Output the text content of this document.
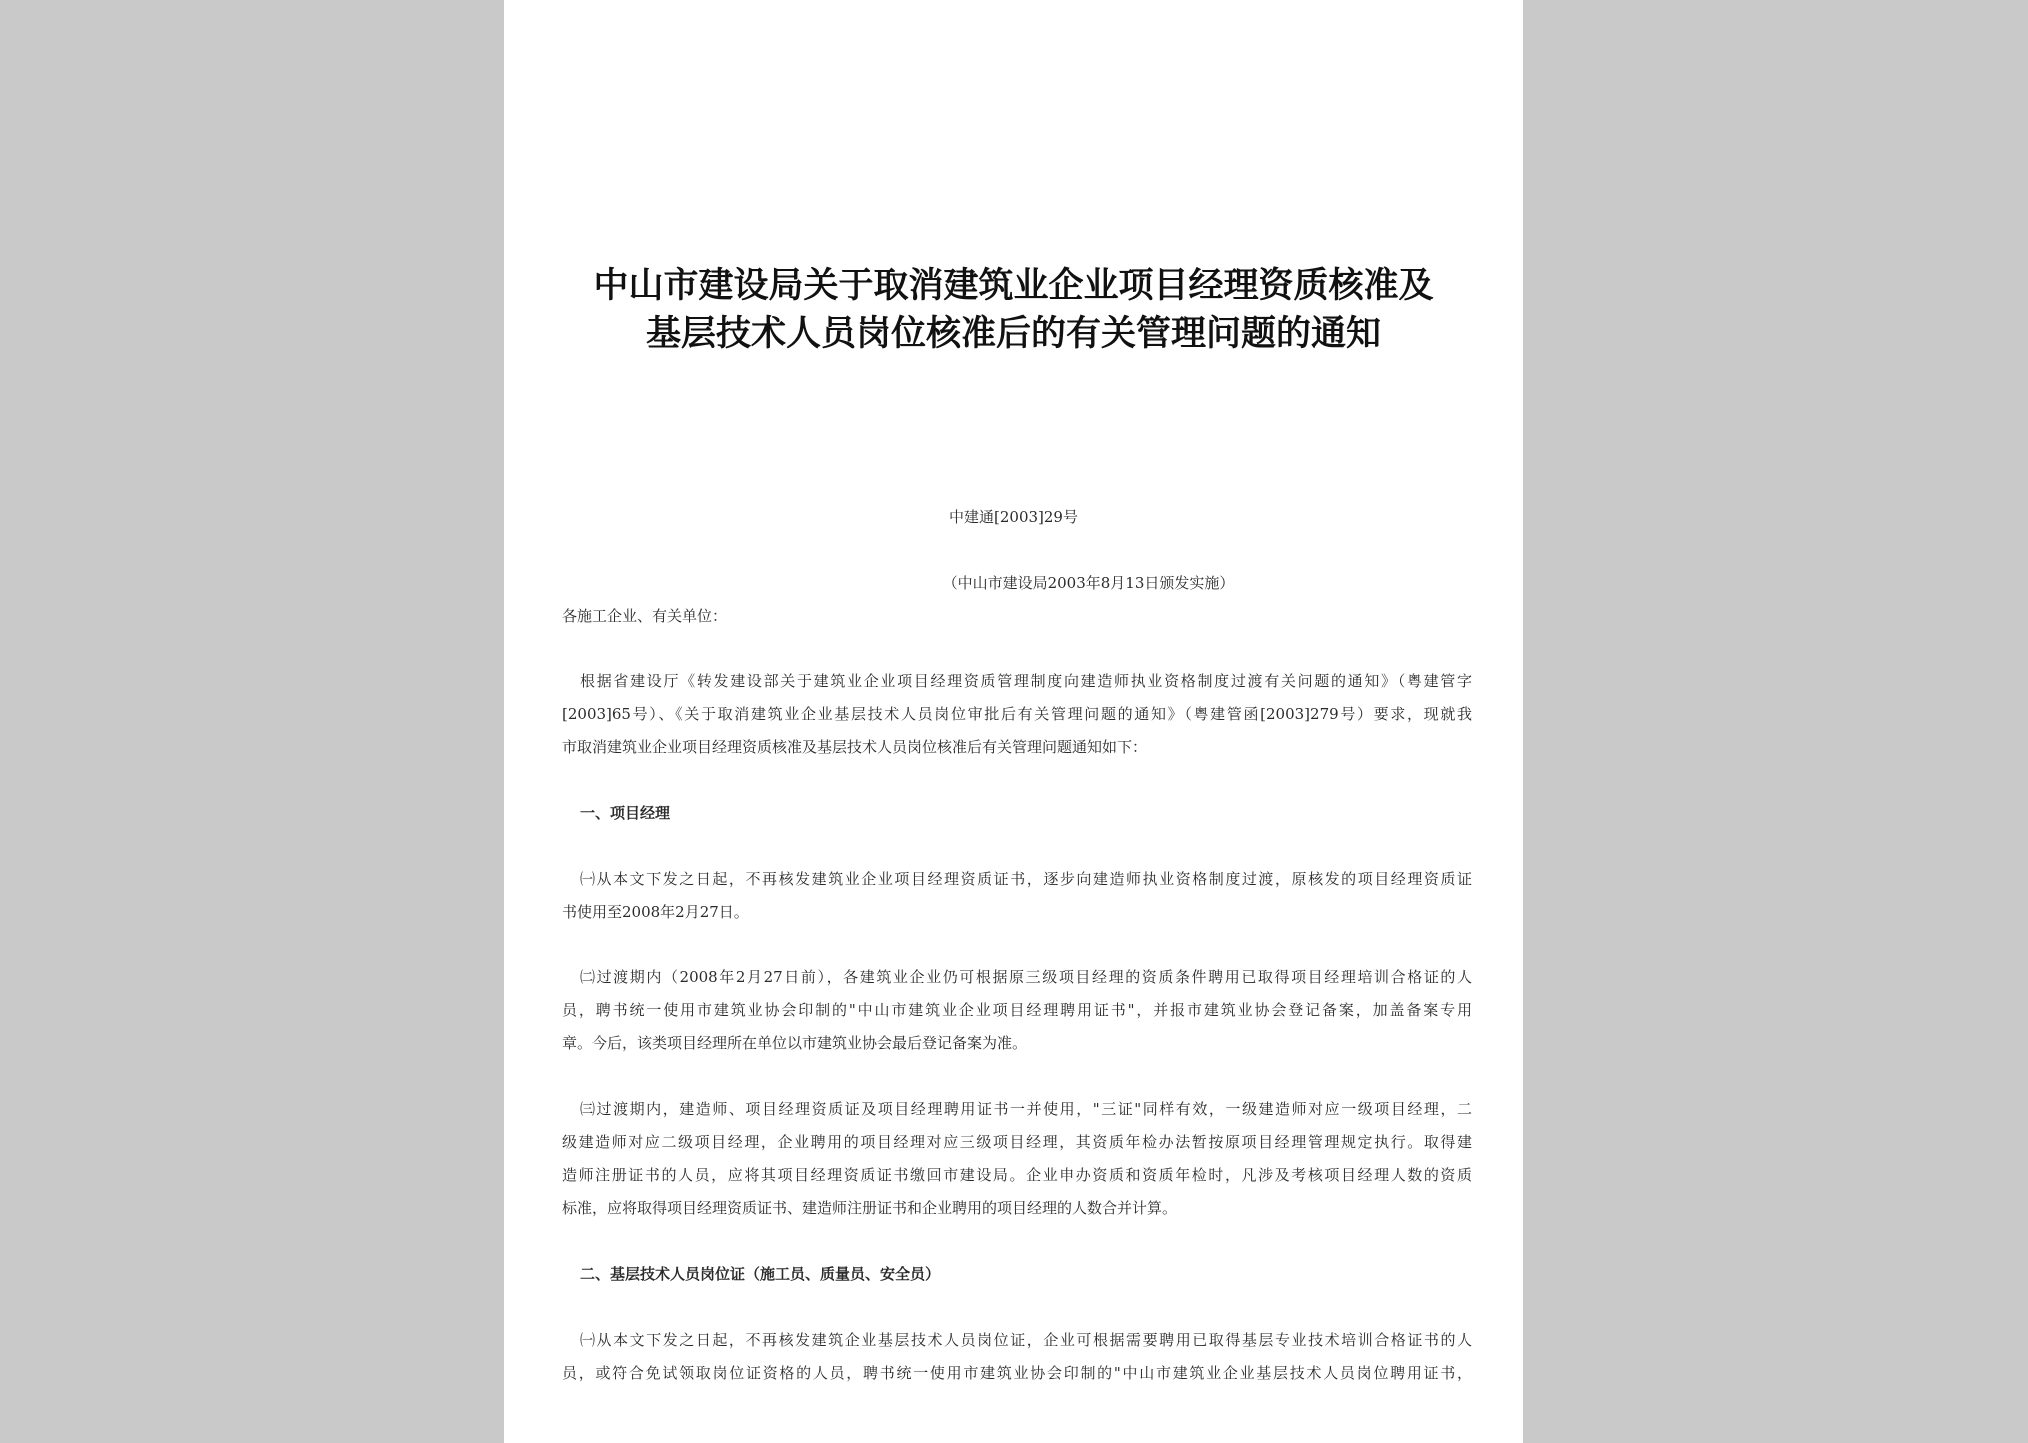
中山市建设局关于取消建筑业企业项目经理资质核准及
基层技术人员岗位核准后的有关管理问题的通知
中建通[2003]29号
（中山市建设局2003年8月13日颁发实施）
各施工企业、有关单位：
根据省建设厅《转发建设部关于建筑业企业项目经理资质管理制度向建造师执业资格制度过渡有关问题的通知》（粤建管字
[2003]65号）、《关于取消建筑业企业基层技术人员岗位审批后有关管理问题的通知》（粤建管函[2003]279号）要求，现就我
市取消建筑业企业项目经理资质核准及基层技术人员岗位核准后有关管理问题通知如下：
一、项目经理
㈠从本文下发之日起，不再核发建筑业企业项目经理资质证书，逐步向建造师执业资格制度过渡，原核发的项目经理资质证
书使用至2008年2月27日。
㈡过渡期内（2008年2月27日前），各建筑业企业仍可根据原三级项目经理的资质条件聘用已取得项目经理培训合格证的人
员，聘书统一使用市建筑业协会印制的"中山市建筑业企业项目经理聘用证书"，并报市建筑业协会登记备案，加盖备案专用
章。今后，该类项目经理所在单位以市建筑业协会最后登记备案为准。
㈢过渡期内，建造师、项目经理资质证及项目经理聘用证书一并使用，"三证"同样有效，一级建造师对应一级项目经理，二
级建造师对应二级项目经理，企业聘用的项目经理对应三级项目经理，其资质年检办法暂按原项目经理管理规定执行。取得建
造师注册证书的人员，应将其项目经理资质证书缴回市建设局。企业申办资质和资质年检时，凡涉及考核项目经理人数的资质
标准，应将取得项目经理资质证书、建造师注册证书和企业聘用的项目经理的人数合并计算。
二、基层技术人员岗位证（施工员、质量员、安全员）
㈠从本文下发之日起，不再核发建筑企业基层技术人员岗位证，企业可根据需要聘用已取得基层专业技术培训合格证书的人
员，或符合免试领取岗位证资格的人员，聘书统一使用市建筑业协会印制的"中山市建筑业企业基层技术人员岗位聘用证书，
